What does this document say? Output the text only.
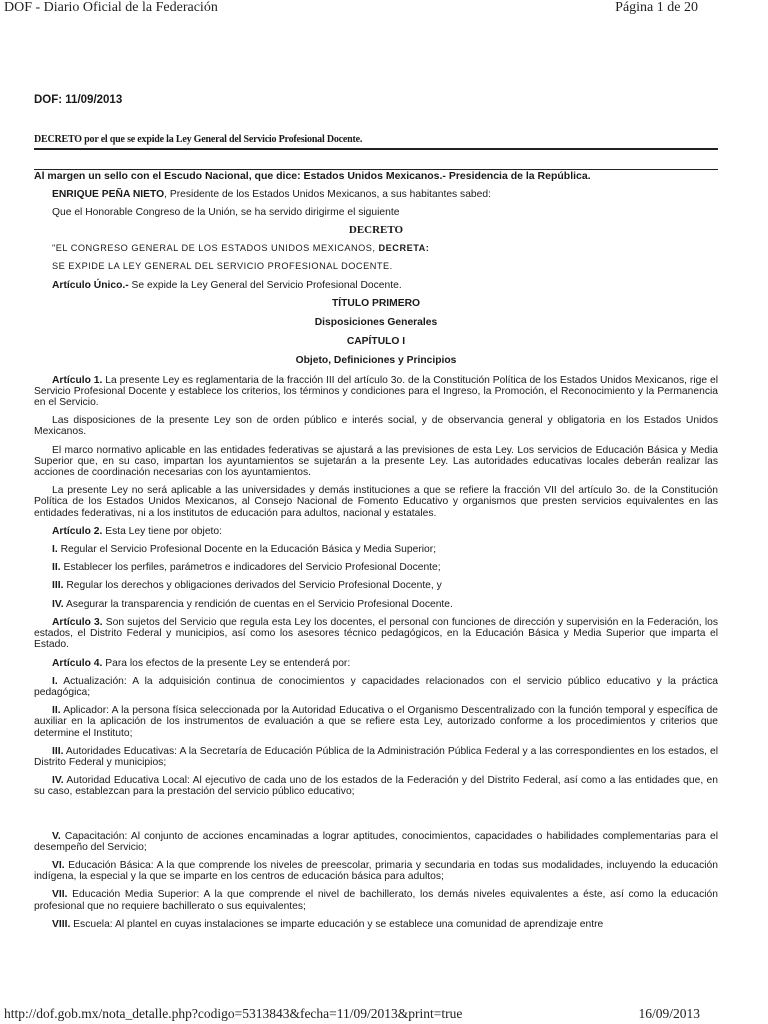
DOF - Diario Oficial de la Federación	Página 1 de 20
DOF: 11/09/2013
DECRETO por el que se expide la Ley General del Servicio Profesional Docente.
Al margen un sello con el Escudo Nacional, que dice: Estados Unidos Mexicanos.- Presidencia de la República.

ENRIQUE PEÑA NIETO, Presidente de los Estados Unidos Mexicanos, a sus habitantes sabed:

Que el Honorable Congreso de la Unión, se ha servido dirigirme el siguiente

DECRETO

"EL CONGRESO GENERAL DE LOS ESTADOS UNIDOS MEXICANOS, DECRETA:

SE EXPIDE LA LEY GENERAL DEL SERVICIO PROFESIONAL DOCENTE.

Artículo Único.- Se expide la Ley General del Servicio Profesional Docente.

TÍTULO PRIMERO
Disposiciones Generales
CAPÍTULO I
Objeto, Definiciones y Principios

Artículo 1. La presente Ley es reglamentaria de la fracción III del artículo 3o. de la Constitución Política de los Estados Unidos Mexicanos, rige el Servicio Profesional Docente y establece los criterios, los términos y condiciones para el Ingreso, la Promoción, el Reconocimiento y la Permanencia en el Servicio.

Las disposiciones de la presente Ley son de orden público e interés social, y de observancia general y obligatoria en los Estados Unidos Mexicanos.

El marco normativo aplicable en las entidades federativas se ajustará a las previsiones de esta Ley. Los servicios de Educación Básica y Media Superior que, en su caso, impartan los ayuntamientos se sujetarán a la presente Ley. Las autoridades educativas locales deberán realizar las acciones de coordinación necesarias con los ayuntamientos.

La presente Ley no será aplicable a las universidades y demás instituciones a que se refiere la fracción VII del artículo 3o. de la Constitución Política de los Estados Unidos Mexicanos, al Consejo Nacional de Fomento Educativo y organismos que presten servicios equivalentes en las entidades federativas, ni a los institutos de educación para adultos, nacional y estatales.

Artículo 2. Esta Ley tiene por objeto:

I. Regular el Servicio Profesional Docente en la Educación Básica y Media Superior;

II. Establecer los perfiles, parámetros e indicadores del Servicio Profesional Docente;

III. Regular los derechos y obligaciones derivados del Servicio Profesional Docente, y

IV. Asegurar la transparencia y rendición de cuentas en el Servicio Profesional Docente.

Artículo 3. Son sujetos del Servicio que regula esta Ley los docentes, el personal con funciones de dirección y supervisión en la Federación, los estados, el Distrito Federal y municipios, así como los asesores técnico pedagógicos, en la Educación Básica y Media Superior que imparta el Estado.

Artículo 4. Para los efectos de la presente Ley se entenderá por:

I. Actualización: A la adquisición continua de conocimientos y capacidades relacionados con el servicio público educativo y la práctica pedagógica;

II. Aplicador: A la persona física seleccionada por la Autoridad Educativa o el Organismo Descentralizado con la función temporal y específica de auxiliar en la aplicación de los instrumentos de evaluación a que se refiere esta Ley, autorizado conforme a los procedimientos y criterios que determine el Instituto;

III. Autoridades Educativas: A la Secretaría de Educación Pública de la Administración Pública Federal y a las correspondientes en los estados, el Distrito Federal y municipios;

IV. Autoridad Educativa Local: Al ejecutivo de cada uno de los estados de la Federación y del Distrito Federal, así como a las entidades que, en su caso, establezcan para la prestación del servicio público educativo;

V. Capacitación: Al conjunto de acciones encaminadas a lograr aptitudes, conocimientos, capacidades o habilidades complementarias para el desempeño del Servicio;

VI. Educación Básica: A la que comprende los niveles de preescolar, primaria y secundaria en todas sus modalidades, incluyendo la educación indígena, la especial y la que se imparte en los centros de educación básica para adultos;

VII. Educación Media Superior: A la que comprende el nivel de bachillerato, los demás niveles equivalentes a éste, así como la educación profesional que no requiere bachillerato o sus equivalentes;

VIII. Escuela: Al plantel en cuyas instalaciones se imparte educación y se establece una comunidad de aprendizaje entre

http://dof.gob.mx/nota_detalle.php?codigo=5313843&fecha=11/09/2013&print=true	16/09/2013
